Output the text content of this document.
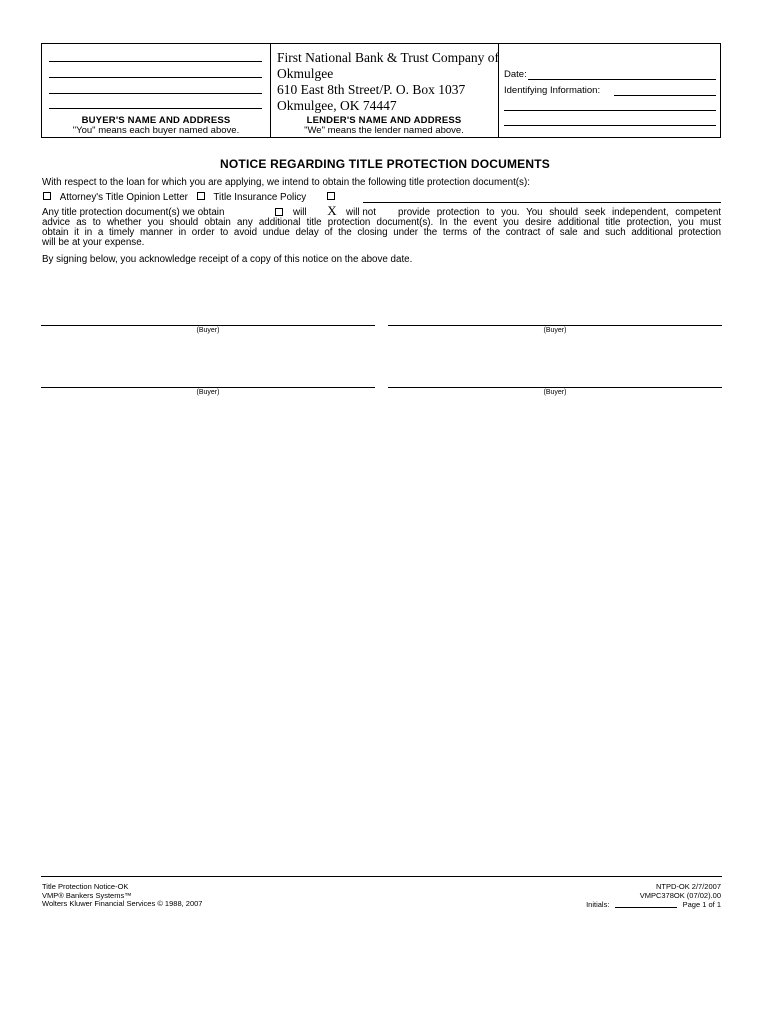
BUYER'S NAME AND ADDRESS
"You" means each buyer named above.
First National Bank & Trust Company of
Okmulgee
610 East 8th Street/P. O. Box 1037
Okmulgee, OK 74447
LENDER'S NAME AND ADDRESS
"We" means the lender named above.
Date:
Identifying Information:
NOTICE REGARDING TITLE PROTECTION DOCUMENTS
With respect to the loan for which you are applying, we intend to obtain the following title protection document(s):
Attorney's Title Opinion Letter	Title Insurance Policy
Any title protection document(s) we obtain	will X will not provide protection to you. You should seek independent, competent
advice as to whether you should obtain any additional title protection document(s). In the event you desire additional title protection, you must
obtain it in a timely manner in order to avoid undue delay of the closing under the terms of the contract of sale and such additional protection
will be at your expense.
By signing below, you acknowledge receipt of a copy of this notice on the above date.
(Buyer)	(Buyer)
(Buyer)	(Buyer)
Title Protection Notice-OK
VMP® Bankers Systems™
Wolters Kluwer Financial Services © 1988, 2007
NTPD-OK 2/7/2007
VMPC378OK (07/02).00
Initials:	Page 1 of 1
